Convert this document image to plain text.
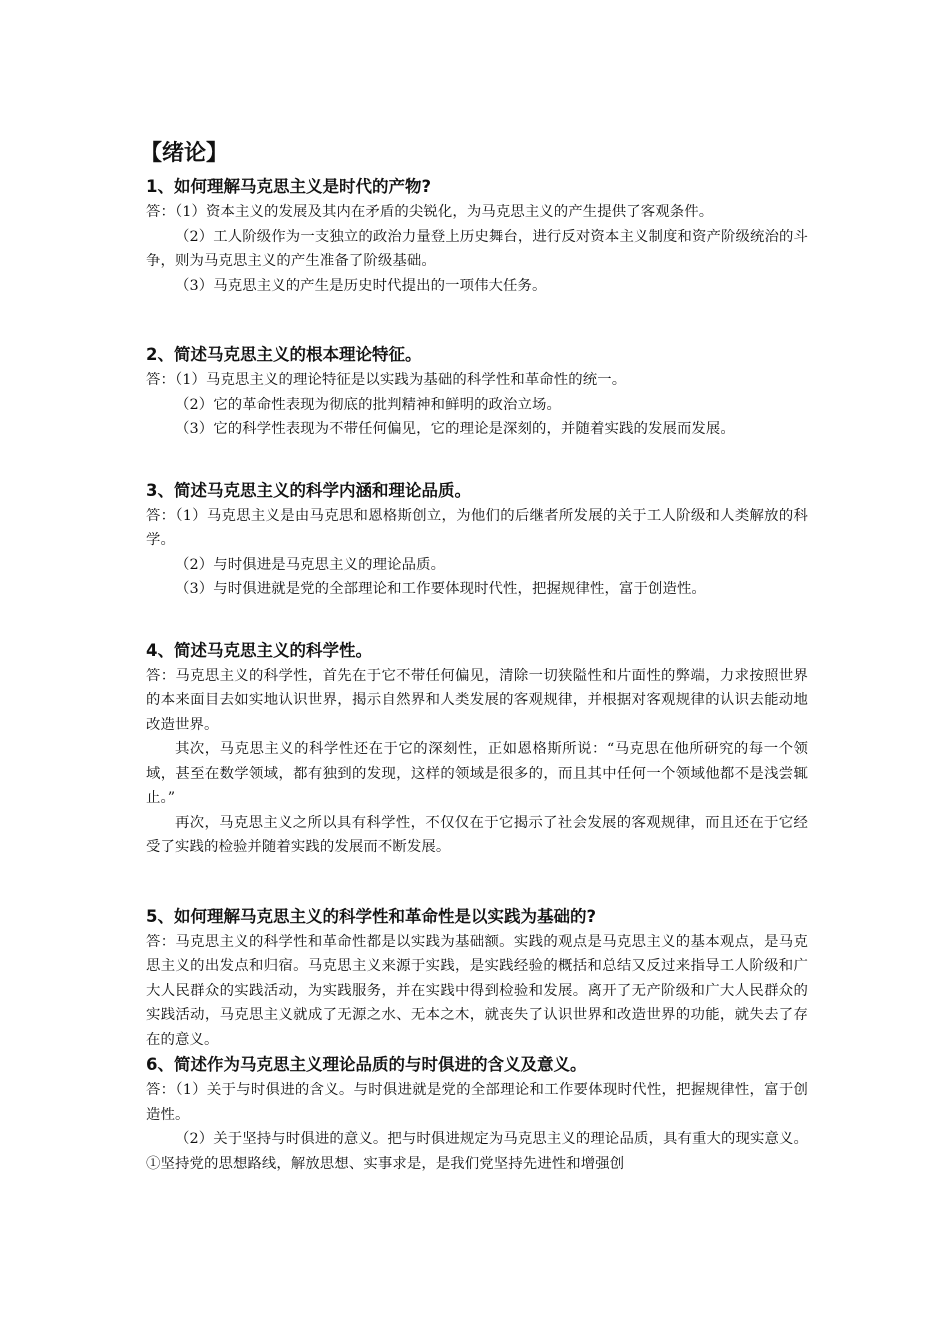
【绪论】
1、如何理解马克思主义是时代的产物?

答：（1）资本主义的发展及其内在矛盾的尖锐化，为马克思主义的产生提供了客观条件。

（2）工人阶级作为一支独立的政治力量登上历史舞台，进行反对资本主义制度和资产阶级统治的斗争，则为马克思主义的产生准备了阶级基础。

（3）马克思主义的产生是历史时代提出的一项伟大任务。

2、简述马克思主义的根本理论特征。

答：（1）马克思主义的理论特征是以实践为基础的科学性和革命性的统一。

（2）它的革命性表现为彻底的批判精神和鲜明的政治立场。

（3）它的科学性表现为不带任何偏见，它的理论是深刻的，并随着实践的发展而发展。

3、简述马克思主义的科学内涵和理论品质。

答：（1）马克思主义是由马克思和恩格斯创立，为他们的后继者所发展的关于工人阶级和人类解放的科学。

（2）与时俱进是马克思主义的理论品质。

（3）与时俱进就是党的全部理论和工作要体现时代性，把握规律性，富于创造性。

4、简述马克思主义的科学性。

答：马克思主义的科学性，首先在于它不带任何偏见，清除一切狭隘性和片面性的弊端，力求按照世界的本来面目去如实地认识世界，揭示自然界和人类发展的客观规律，并根据对客观规律的认识去能动地改造世界。

其次，马克思主义的科学性还在于它的深刻性，正如恩格斯所说：“马克思在他所研究的每一个领域，甚至在数学领域，都有独到的发现，这样的领域是很多的，而且其中任何一个领域他都不是浅尝辄止。”

再次，马克思主义之所以具有科学性，不仅仅在于它揭示了社会发展的客观规律，而且还在于它经受了实践的检验并随着实践的发展而不断发展。

5、如何理解马克思主义的科学性和革命性是以实践为基础的?

答：马克思主义的科学性和革命性都是以实践为基础额。实践的观点是马克思主义的基本观点，是马克思主义的出发点和归宿。马克思主义来源于实践，是实践经验的概括和总结又反过来指导工人阶级和广大人民群众的实践活动，为实践服务，并在实践中得到检验和发展。离开了无产阶级和广大人民群众的实践活动，马克思主义就成了无源之水、无本之木，就丧失了认识世界和改造世界的功能，就失去了存在的意义。

6、简述作为马克思主义理论品质的与时俱进的含义及意义。

答：（1）关于与时俱进的含义。与时俱进就是党的全部理论和工作要体现时代性，把握规律性，富于创造性。

（2）关于坚持与时俱进的意义。把与时俱进规定为马克思主义的理论品质，具有重大的现实意义。①坚持党的思想路线，解放思想、实事求是，是我们党坚持先进性和增强创
